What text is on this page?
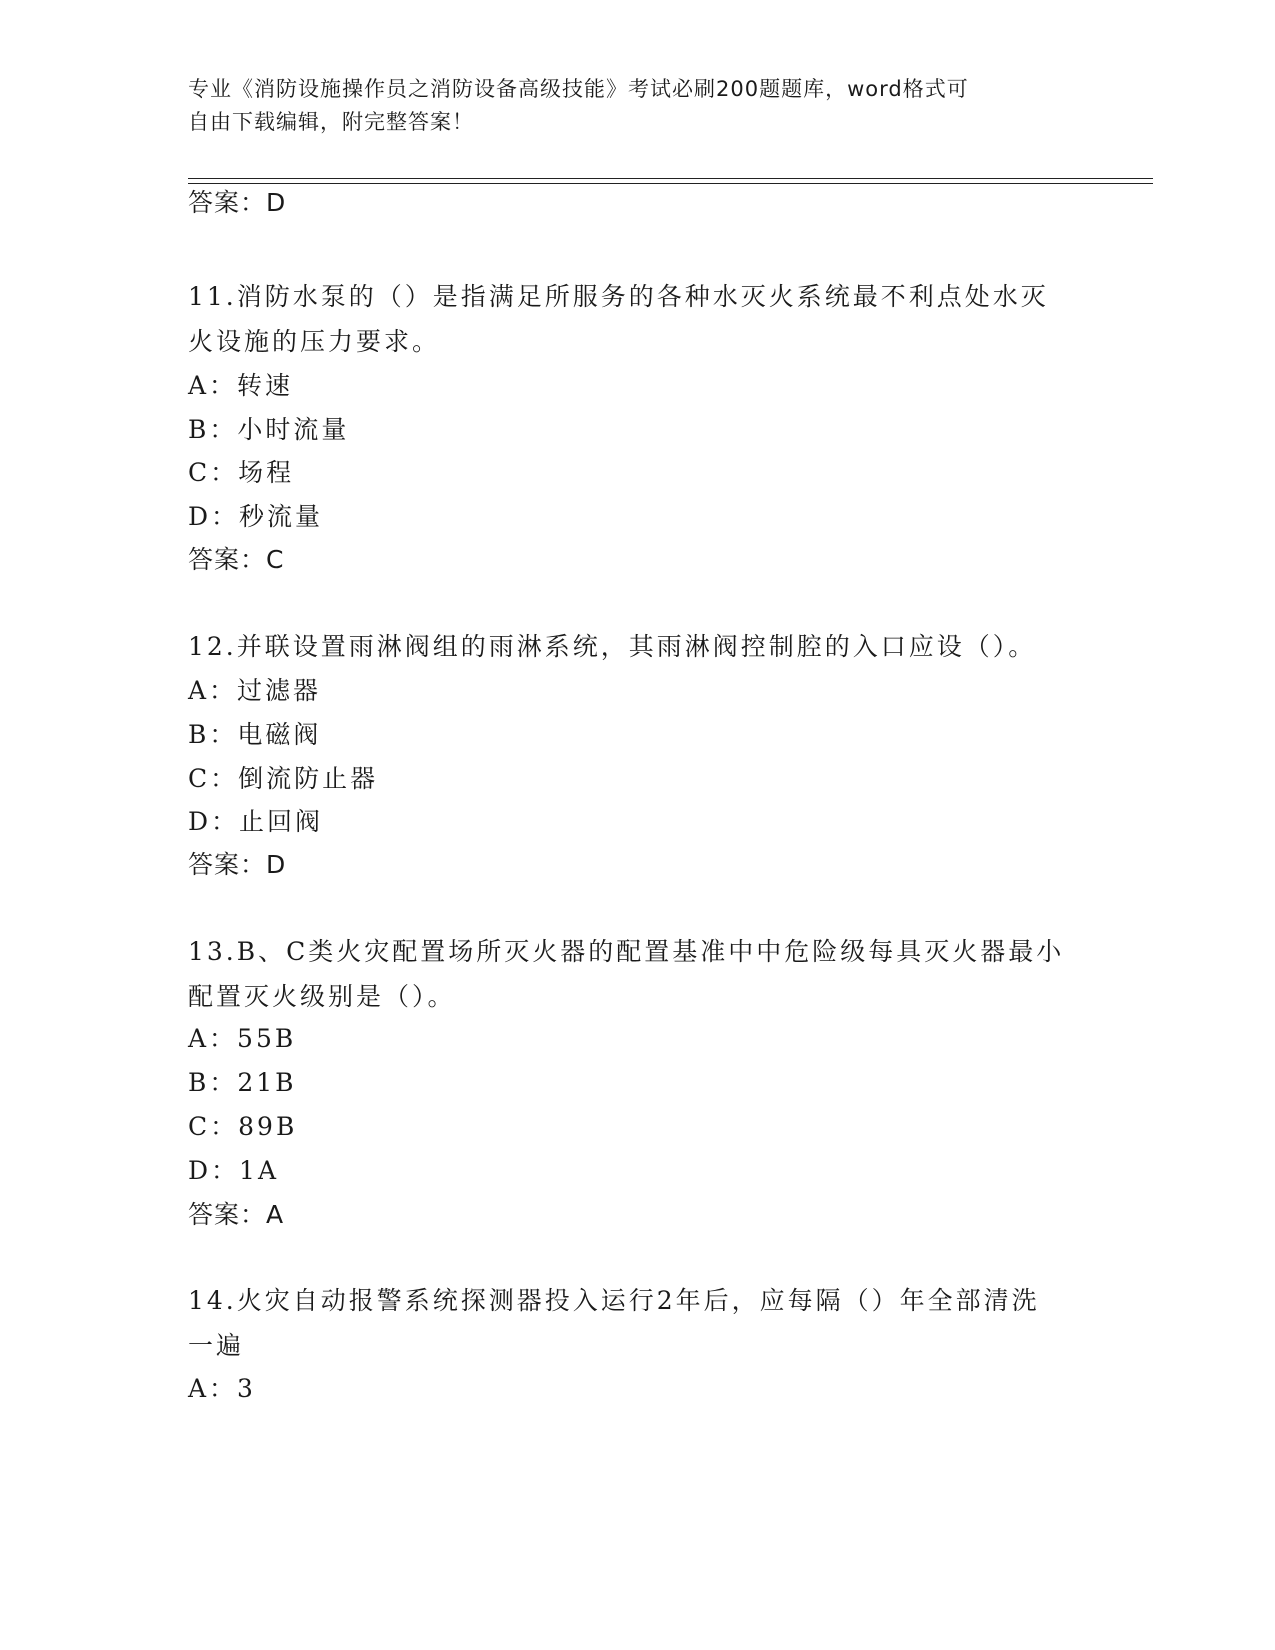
专业《消防设施操作员之消防设备高级技能》考试必刷200题题库，word格式可
自由下载编辑，附完整答案！
答案：D
11.消防水泵的（）是指满足所服务的各种水灭火系统最不利点处水灭
火设施的压力要求。
A：转速
B：小时流量
C：场程
D：秒流量
答案：C
12.并联设置雨淋阀组的雨淋系统，其雨淋阀控制腔的入口应设（）。
A：过滤器
B：电磁阀
C：倒流防止器
D：止回阀
答案：D
13.B、C类火灾配置场所灭火器的配置基准中中危险级每具灭火器最小
配置灭火级别是（）。
A：55B
B：21B
C：89B
D：1A
答案：A
14.火灾自动报警系统探测器投入运行2年后，应每隔（）年全部清洗
一遍
A：3
